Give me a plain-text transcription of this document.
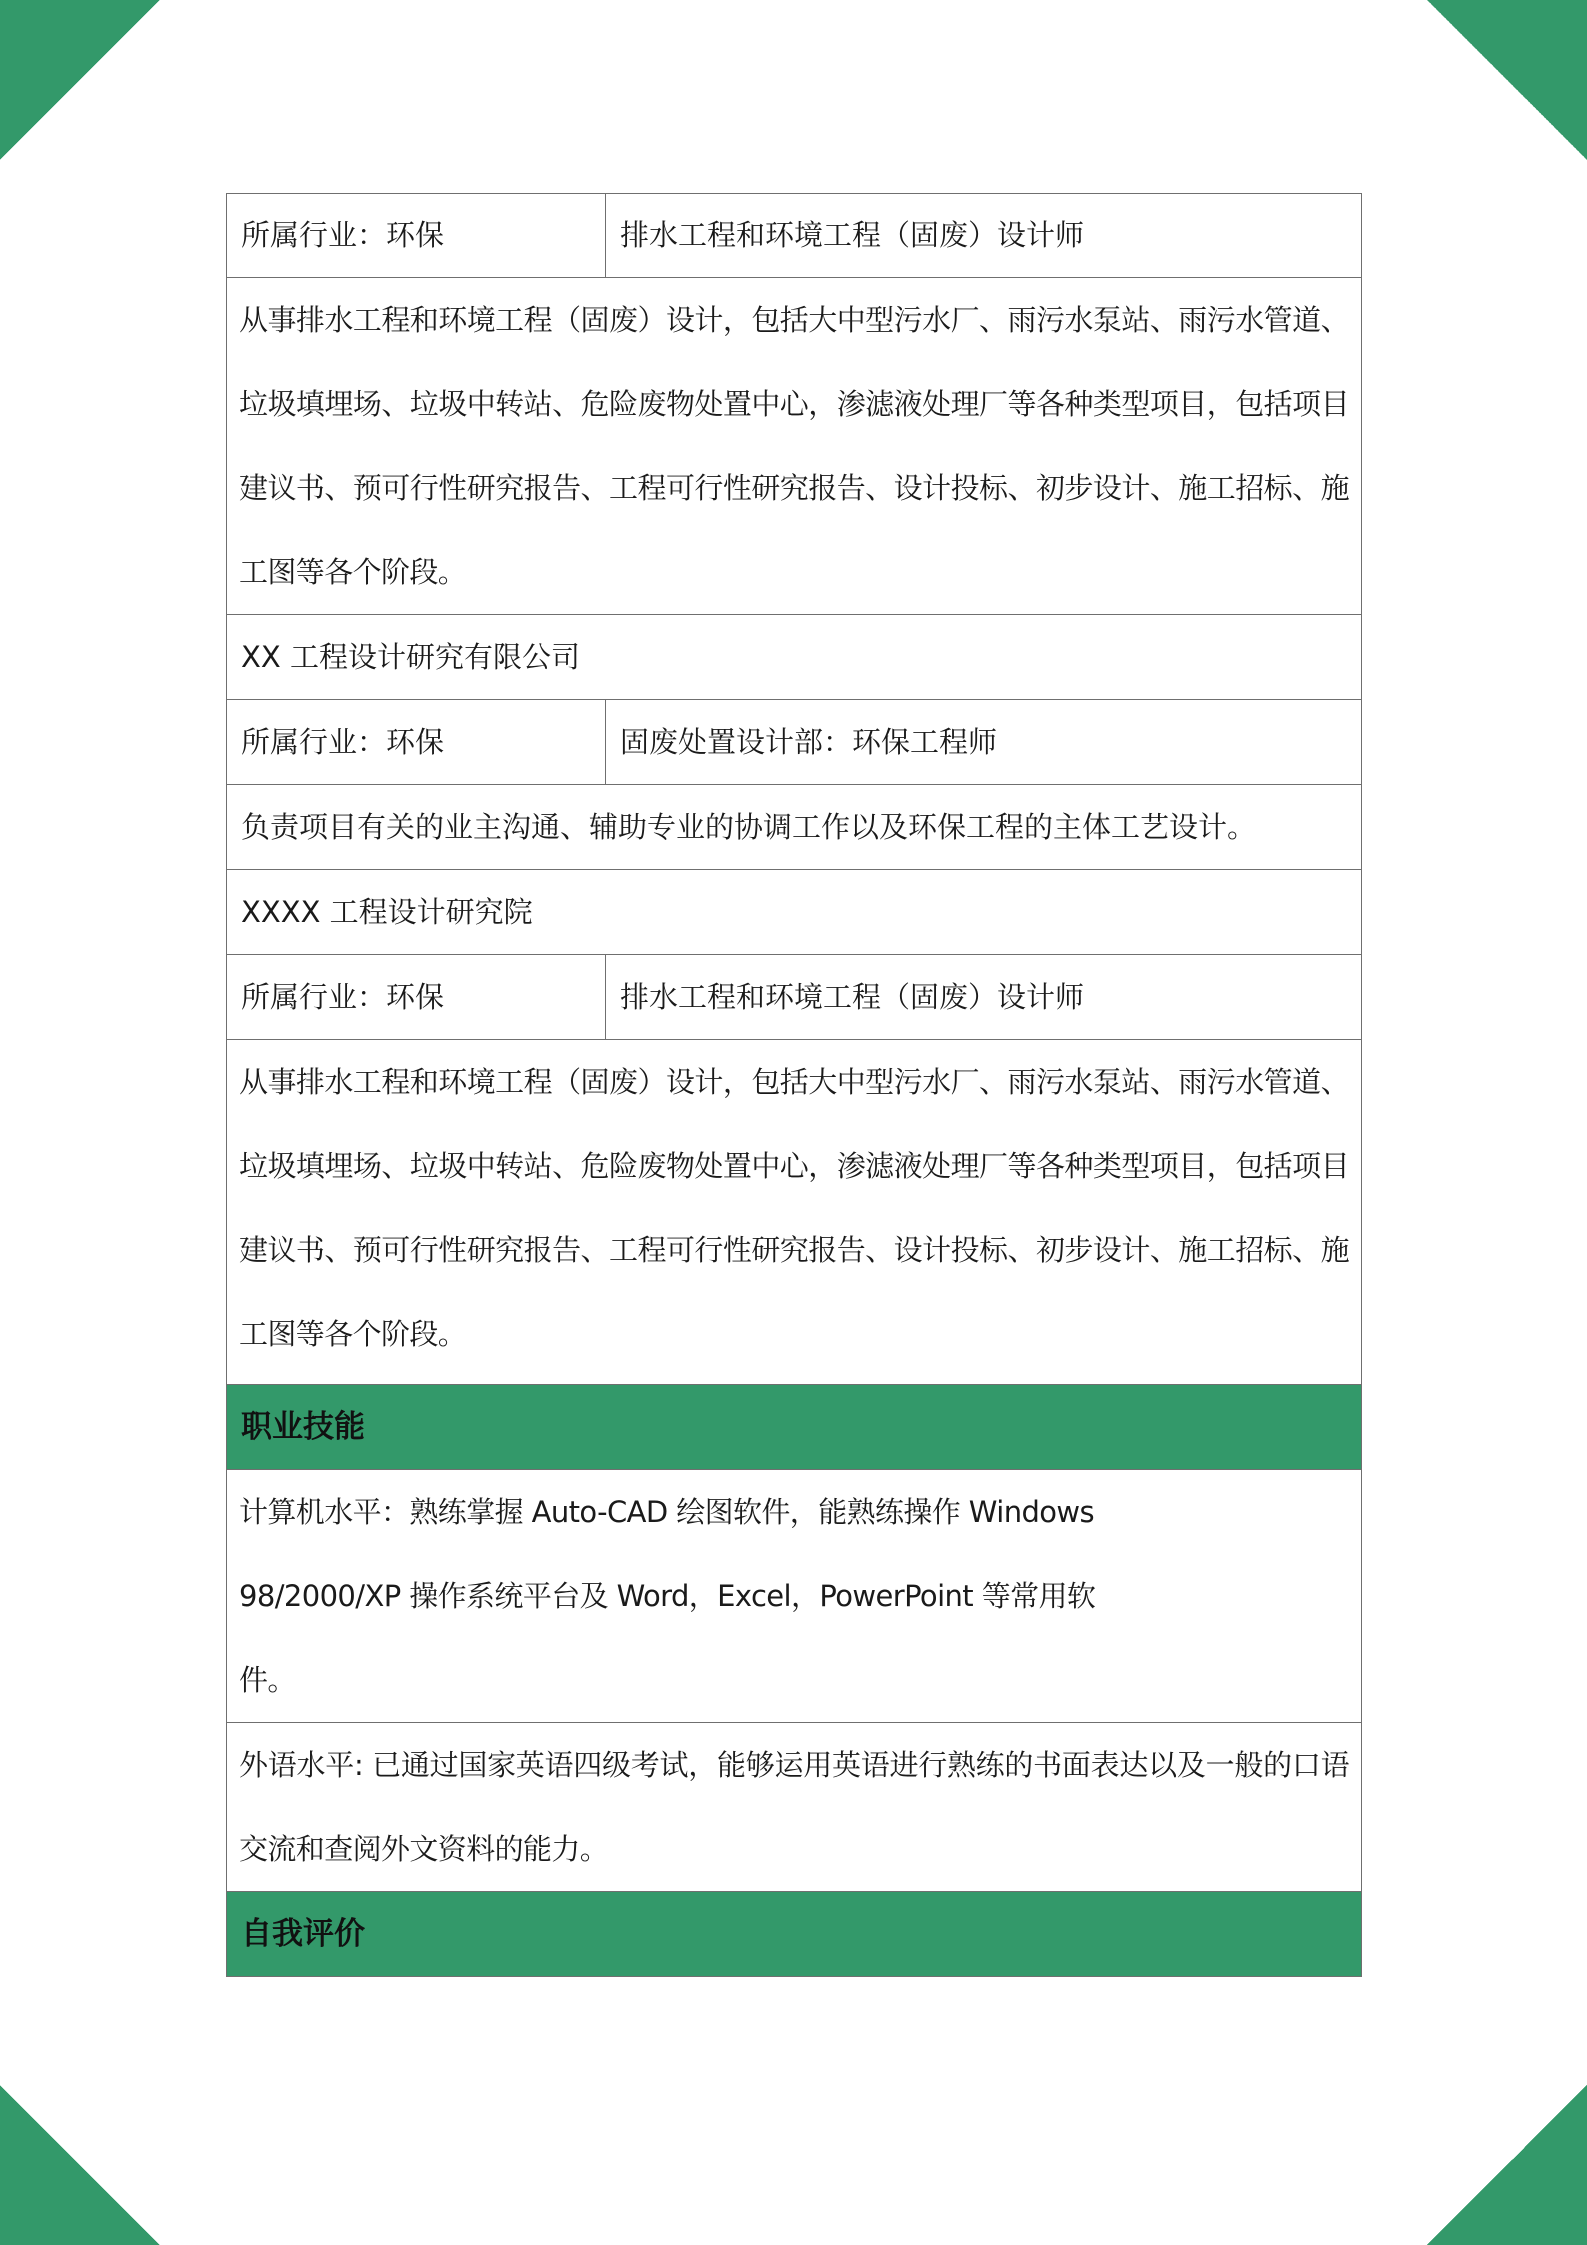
所属行业：环保	排水工程和环境工程（固废）设计师
从事排水工程和环境工程（固废）设计，包括大中型污水厂、雨污水泵站、雨污水管道、垃圾填埋场、垃圾中转站、危险废物处置中心，渗滤液处理厂等各种类型项目，包括项目建议书、预可行性研究报告、工程可行性研究报告、设计投标、初步设计、施工招标、施工图等各个阶段。
XX 工程设计研究有限公司
所属行业：环保	固废处置设计部：环保工程师
负责项目有关的业主沟通、辅助专业的协调工作以及环保工程的主体工艺设计。
XXXX 工程设计研究院
所属行业：环保	排水工程和环境工程（固废）设计师
从事排水工程和环境工程（固废）设计，包括大中型污水厂、雨污水泵站、雨污水管道、垃圾填埋场、垃圾中转站、危险废物处置中心，渗滤液处理厂等各种类型项目，包括项目建议书、预可行性研究报告、工程可行性研究报告、设计投标、初步设计、施工招标、施工图等各个阶段。
职业技能
计算机水平：熟练掌握 Auto-CAD 绘图软件，能熟练操作 Windows 98/2000/XP 操作系统平台及 Word，Excel，PowerPoint 等常用软件。
外语水平: 已通过国家英语四级考试，能够运用英语进行熟练的书面表达以及一般的口语交流和查阅外文资料的能力。
自我评价
